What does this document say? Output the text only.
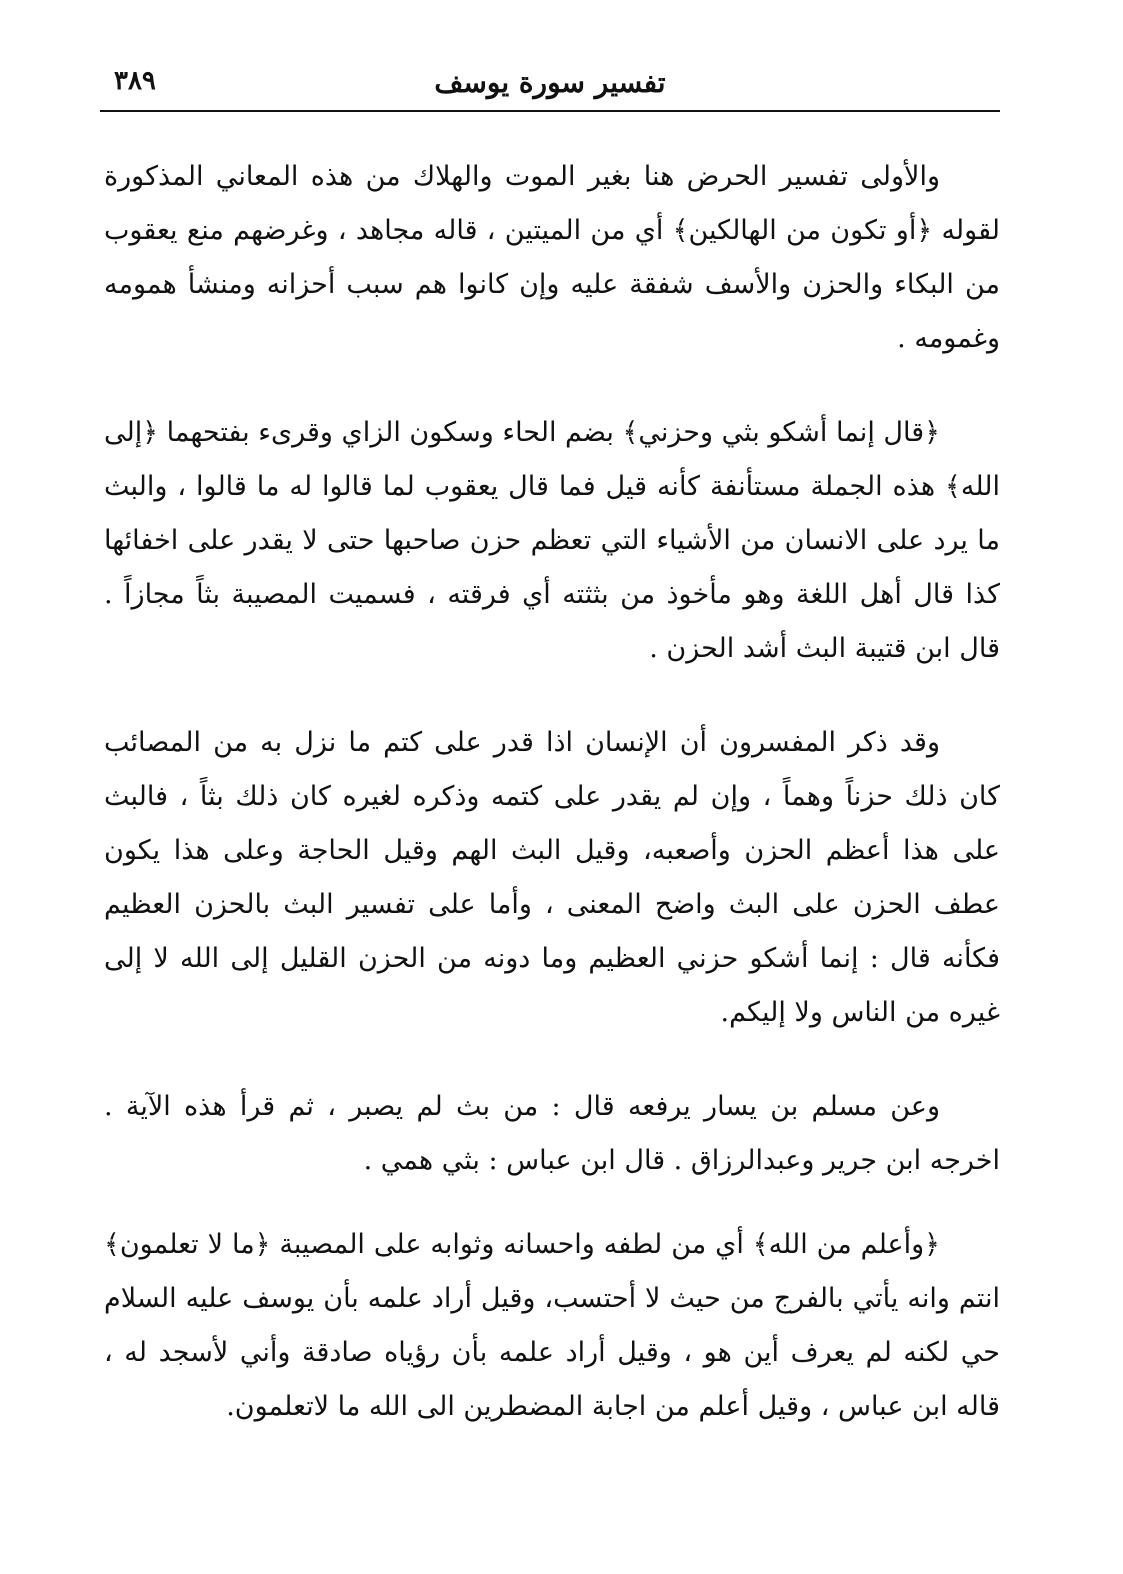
تفسير سورة يوسف
٣٨٩

والأولى تفسير الحرض هنا بغير الموت والهلاك من هذه المعاني المذكورة لقوله ﴿أو تكون من الهالكين﴾ أي من الميتين ، قاله مجاهد ، وغرضهم منع يعقوب من البكاء والحزن والأسف شفقة عليه وإن كانوا هم سبب أحزانه ومنشأ همومه وغمومه .

﴿قال إنما أشكو بثي وحزني﴾ بضم الحاء وسكون الزاي وقرىء بفتحهما ﴿إلى الله﴾ هذه الجملة مستأنفة كأنه قيل فما قال يعقوب لما قالوا له ما قالوا ، والبث ما يرد على الانسان من الأشياء التي تعظم حزن صاحبها حتى لا يقدر على اخفائها كذا قال أهل اللغة وهو مأخوذ من بثثته أي فرقته ، فسميت المصيبة بثاً مجازاً . قال ابن قتيبة البث أشد الحزن .

وقد ذكر المفسرون أن الإنسان اذا قدر على كتم ما نزل به من المصائب كان ذلك حزناً وهماً ، وإن لم يقدر على كتمه وذكره لغيره كان ذلك بثاً ، فالبث على هذا أعظم الحزن وأصعبه، وقيل البث الهم وقيل الحاجة وعلى هذا يكون عطف الحزن على البث واضح المعنى ، وأما على تفسير البث بالحزن العظيم فكأنه قال : إنما أشكو حزني العظيم وما دونه من الحزن القليل إلى الله لا إلى غيره من الناس ولا إليكم.

وعن مسلم بن يسار يرفعه قال : من بث لم يصبر ، ثم قرأ هذه الآية . اخرجه ابن جرير وعبدالرزاق . قال ابن عباس : بثي همي .

﴿وأعلم من الله﴾ أي من لطفه واحسانه وثوابه على المصيبة ﴿ما لا تعلمون﴾ انتم وانه يأتي بالفرج من حيث لا أحتسب، وقيل أراد علمه بأن يوسف عليه السلام حي لكنه لم يعرف أين هو ، وقيل أراد علمه بأن رؤياه صادقة وأني لأسجد له ، قاله ابن عباس ، وقيل أعلم من اجابة المضطرين الى الله ما لاتعلمون.
